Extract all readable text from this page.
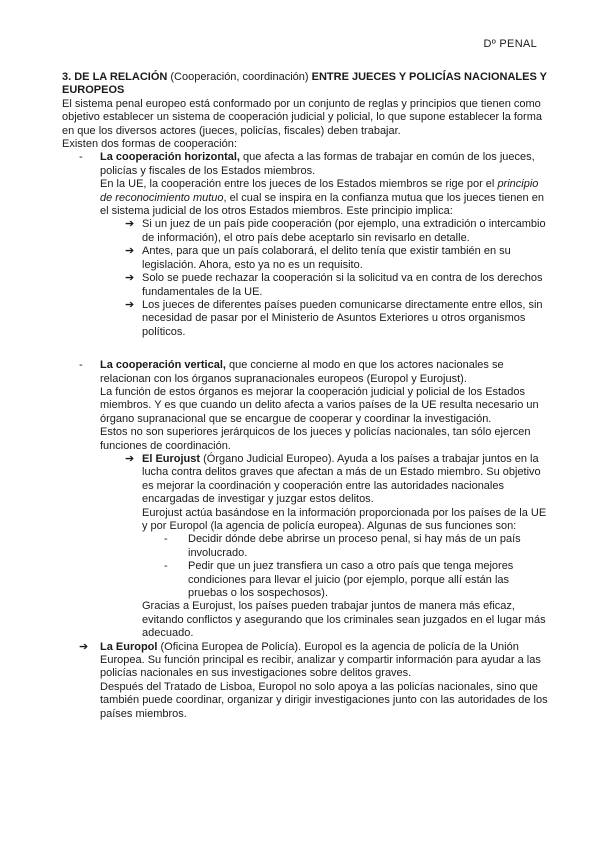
Dº PENAL

3. DE LA RELACIÓN (Cooperación, coordinación) ENTRE JUECES Y POLICÍAS NACIONALES Y EUROPEOS

El sistema penal europeo está conformado por un conjunto de reglas y principios que tienen como objetivo establecer un sistema de cooperación judicial y policial, lo que supone establecer la forma en que los diversos actores (jueces, policías, fiscales) deben trabajar.

Existen dos formas de cooperación:

-	La cooperación horizontal, que afecta a las formas de trabajar en común de los jueces, policías y fiscales de los Estados miembros.

En la UE, la cooperación entre los jueces de los Estados miembros se rige por el principio de reconocimiento mutuo, el cual se inspira en la confianza mutua que los jueces tienen en el sistema judicial de los otros Estados miembros. Este principio implica:

➔ Si un juez de un país pide cooperación (por ejemplo, una extradición o intercambio de información), el otro país debe aceptarlo sin revisarlo en detalle.
➔ Antes, para que un país colaborará, el delito tenía que existir también en su legislación. Ahora, esto ya no es un requisito.
➔ Solo se puede rechazar la cooperación si la solicitud va en contra de los derechos fundamentales de la UE.
➔ Los jueces de diferentes países pueden comunicarse directamente entre ellos, sin necesidad de pasar por el Ministerio de Asuntos Exteriores u otros organismos políticos.
-	La cooperación vertical, que concierne al modo en que los actores nacionales se relacionan con los órganos supranacionales europeos (Europol y Eurojust).

La función de estos órganos es mejorar la cooperación judicial y policial de los Estados miembros. Y es que cuando un delito afecta a varios países de la UE resulta necesario un órgano supranacional que se encargue de cooperar y coordinar la investigación.

Estos no son superiores jerárquicos de los jueces y policías nacionales, tan sólo ejercen funciones de coordinación.

➔ El Eurojust (Órgano Judicial Europeo). Ayuda a los países a trabajar juntos en la lucha contra delitos graves que afectan a más de un Estado miembro. Su objetivo es mejorar la coordinación y cooperación entre las autoridades nacionales encargadas de investigar y juzgar estos delitos.

Eurojust actúa basándose en la información proporcionada por los países de la UE y por Europol (la agencia de policía europea). Algunas de sus funciones son:

-	Decidir dónde debe abrirse un proceso penal, si hay más de un país involucrado.
-	Pedir que un juez transfiera un caso a otro país que tenga mejores condiciones para llevar el juicio (por ejemplo, porque allí están las pruebas o los sospechosos).

Gracias a Eurojust, los países pueden trabajar juntos de manera más eficaz, evitando conflictos y asegurando que los criminales sean juzgados en el lugar más adecuado.

➔	La Europol (Oficina Europea de Policía). Europol es la agencia de policía de la Unión Europea. Su función principal es recibir, analizar y compartir información para ayudar a las policías nacionales en sus investigaciones sobre delitos graves.

Después del Tratado de Lisboa, Europol no solo apoya a las policías nacionales, sino que también puede coordinar, organizar y dirigir investigaciones junto con las autoridades de los países miembros.
